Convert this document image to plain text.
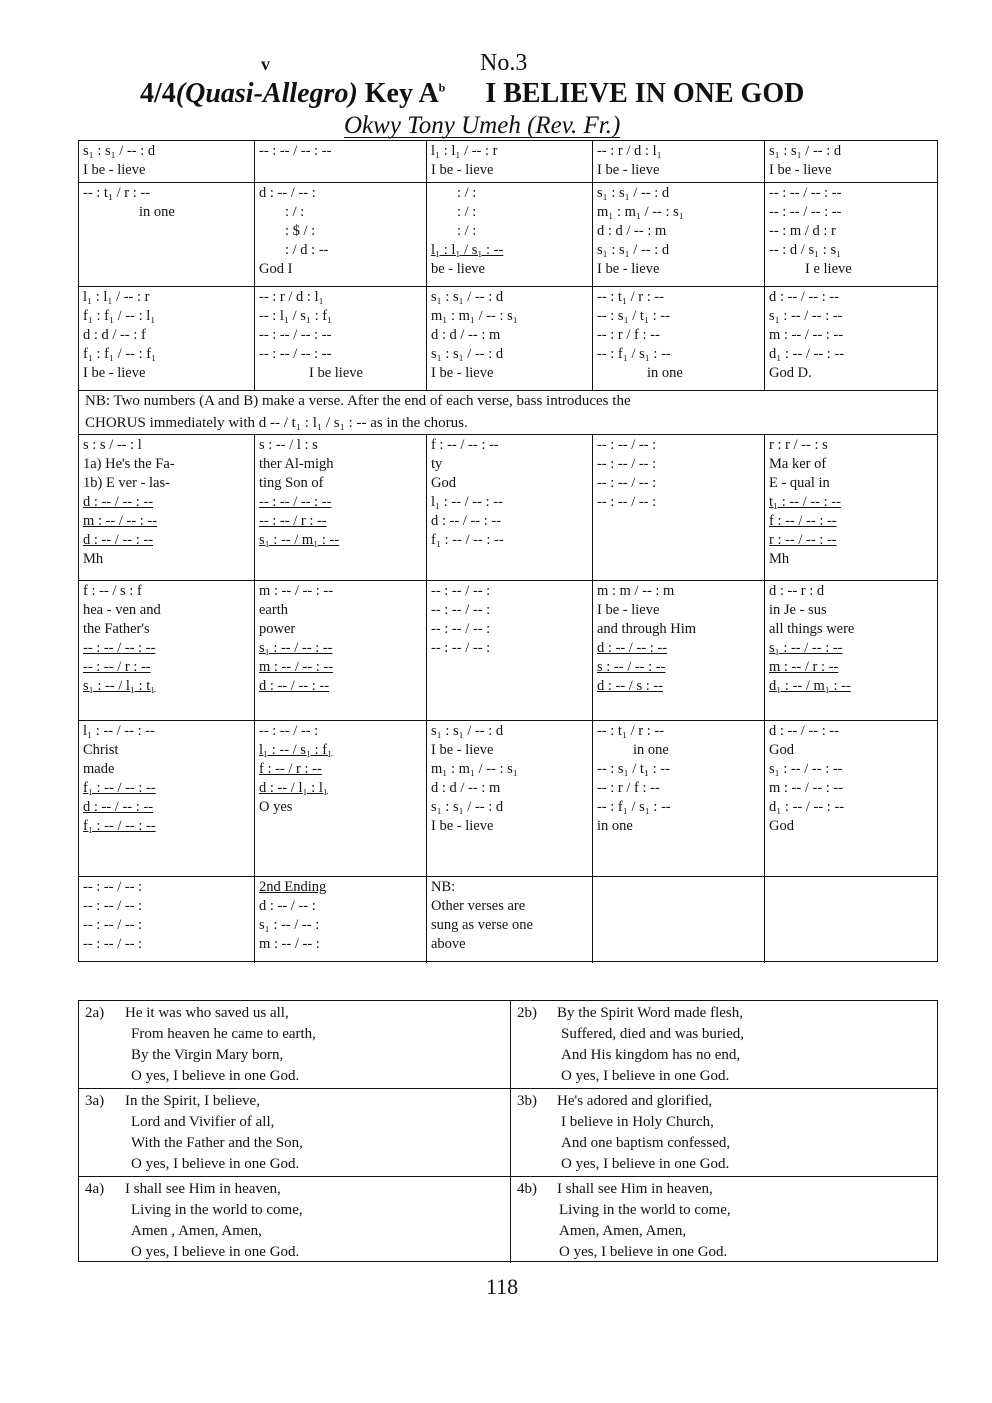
v	No.3
4/4(Quasi-Allegro) Key $A^b$ I BELIEVE IN ONE GOD
Okwy Tony Umeh (Rev. Fr.)
s₁ : s₁ / -- : d
I be - lieve
-- : -- / -- : --	l₁ : l₁ / -- : r
I be - lieve
-- : r / d : l₁
I be - lieve
s₁ : s₁ / -- : d
I be - lieve
-- : t₁ / r : --
in one
d : -- / -- :
: / :
: $ / :
: / d : --
God I
: / :
: / :
: / :
l₁ : l₁ / s₁ : --
be - lieve
s₁ : s₁ / -- : d
m₁ : m₁ / -- : s₁
d : d / -- : m
s₁ : s₁ / -- : d
I be - lieve
-- : -- / -- : --
-- : -- / -- : --
-- : m / d : r
-- : d / s₁ : s₁
I e lieve
l₁ : l₁ / -- : r
f₁ : f₁ / -- : l₁
d : d / -- : f
f₁ : f₁ / -- : f₁
I be - lieve
-- : r / d : l₁
-- : l₁ / s₁ : f₁
-- : -- / -- : --
-- : -- / -- : --
I be lieve
s₁ : s₁ / -- : d
m₁ : m₁ / -- : s₁
d : d / -- : m
s₁ : s₁ / -- : d
I be - lieve
-- : t₁ / r : --
-- : s₁ / t₁ : --
-- : r / f : --
-- : f₁ / s₁ : --
in one
d : -- / -- : --
s₁ : -- / -- : --
m : -- / -- : --
d₁ : -- / -- : --
God D.
NB: Two numbers (A and B) make a verse. After the end of each verse, bass introduces the
CHORUS immediately with d -- / t₁ : l₁ / s₁ : -- as in the chorus.
s : s / -- : l
1a) He's the Fa-
1b) E ver - las-
d : -- / -- : --
m : -- / -- : --
d : -- / -- : --
Mh
s : -- / l : s
ther Al-migh
ting Son of
-- : -- / -- : --
-- : -- / r : --
s₁ : -- / m₁ : --
f : -- / -- : --
ty
God
l₁ : -- / -- : --
d : -- / -- : --
f₁ : -- / -- : --
-- : -- / -- :
-- : -- / -- :
-- : -- / -- :
-- : -- / -- :
r : r / -- : s
Ma ker of
E - qual in
t₁ : -- / -- : --
f : -- / -- : --
r : -- / -- : --
Mh
f : -- / s : f
hea - ven and
the Father's
-- : -- / -- : --
-- : -- / r : --
s₁ : -- / l₁ : t₁
m : -- / -- : --
earth
power
s₁ : -- / -- : --
m : -- / -- : --
d : -- / -- : --
-- : -- / -- :
-- : -- / -- :
-- : -- / -- :
-- : -- / -- :
m : m / -- : m
I be - lieve
and through Him
d : -- / -- : --
s : -- / -- : --
d : -- / s : --
d : -- r : d
in Je - sus
all things were
s₁ : -- / -- : --
m : -- / r : --
d₁ : -- / m₁ : --
l₁ : -- / -- : --
Christ
made
f₁ : -- / -- : --
d : -- / -- : --
f₁ : -- / -- : --
-- : -- / -- :
l₁ : -- / s₁ : f₁
f : -- / r : --
d : -- / l₁ : l₁
O yes
s₁ : s₁ / -- : d
I be - lieve
m₁ : m₁ / -- : s₁
d : d / -- : m
s₁ : s₁ / -- : d
I be - lieve
-- : t₁ / r : --
in one
-- : s₁ / t₁ : --
-- : r / f : --
-- : f₁ / s₁ : --
in one
d : -- / -- : --
God
s₁ : -- / -- : --
m : -- / -- : --
d₁ : -- / -- : --
God
-- : -- / -- :
-- : -- / -- :
-- : -- / -- :
-- : -- / -- :
2nd Ending
d : -- / -- :
s₁ : -- / -- :
m : -- / -- :
NB:
Other verses are
sung as verse one
above
2a) He it was who saved us all,
From heaven he came to earth,
By the Virgin Mary born,
O yes, I believe in one God.
2b) By the Spirit Word made flesh,
Suffered, died and was buried,
And His kingdom has no end,
O yes, I believe in one God.
3a) In the Spirit, I believe,
Lord and Vivifier of all,
With the Father and the Son,
O yes, I believe in one God.
3b) He's adored and glorified,
I believe in Holy Church,
And one baptism confessed,
O yes, I believe in one God.
4a) I shall see Him in heaven,
Living in the world to come,
Amen , Amen, Amen,
O yes, I believe in one God.
4b) I shall see Him in heaven,
Living in the world to come,
Amen, Amen, Amen,
O yes, I believe in one God.
118
